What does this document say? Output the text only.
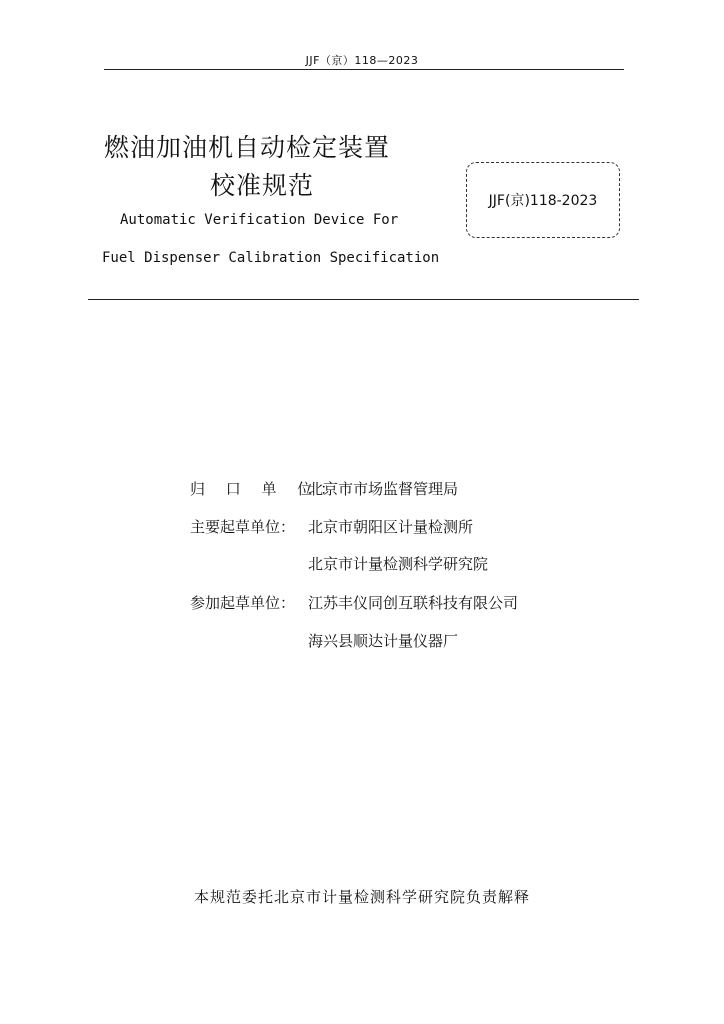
JJF（京）118—2023
燃油加油机自动检定装置
校准规范
Automatic Verification Device For
Fuel Dispenser Calibration Specification
JJF(京)118-2023
归 口 单 位：
北京市市场监督管理局
主要起草单位： 北京市朝阳区计量检测所
北京市计量检测科学研究院
参加起草单位： 江苏丰仪同创互联科技有限公司
海兴县顺达计量仪器厂
本规范委托北京市计量检测科学研究院负责解释
